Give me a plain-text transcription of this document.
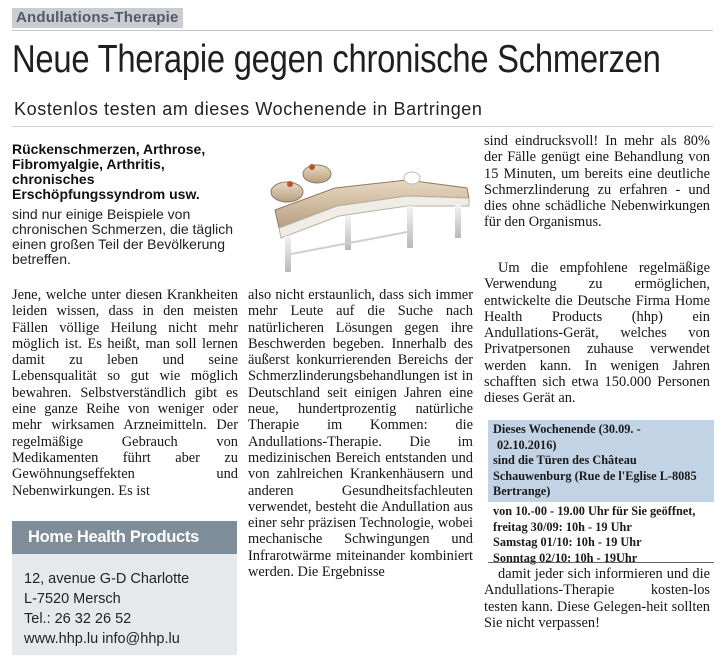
Andullations-Therapie
Neue Therapie gegen chronische Schmerzen
Kostenlos testen am dieses Wochenende in Bartringen
Rückenschmerzen, Arthrose, Fibromyalgie, Arthritis, chronisches Erschöpfungssyndrom usw.
sind nur einige Beispiele von chronischen Schmerzen, die täglich einen großen Teil der Bevölkerung betreffen.
Jene, welche unter diesen Krankheiten leiden wissen, dass in den meisten Fällen völlige Heilung nicht mehr möglich ist. Es heißt, man soll lernen damit zu leben und seine Lebensqualität so gut wie möglich bewahren. Selbstverständlich gibt es eine ganze Reihe von weniger oder mehr wirksamen Arzneimitteln. Der regelmäßige Gebrauch von Medikamenten führt aber zu Gewöhnungseffekten und Nebenwirkungen. Es ist
also nicht erstaunlich, dass sich immer mehr Leute auf die Suche nach natürlicheren Lösungen gegen ihre Beschwerden begeben. Innerhalb des äußerst konkurrierenden Bereichs der Schmerzlinderungsbehandlungen ist in Deutschland seit einigen Jahren eine neue, hundertprozentig natürliche Therapie im Kommen: die Andullations-Therapie. Die im medizinischen Bereich entstanden und von zahlreichen Krankenhäusern und anderen Gesundheitsfachleuten verwendet, besteht die Andullation aus einer sehr präzisen Technologie, wobei mechanische Schwingungen und Infrarotwärme miteinander kombiniert werden. Die Ergebnisse
sind eindrucksvoll! In mehr als 80% der Fälle genügt eine Behandlung von 15 Minuten, um bereits eine deutliche Schmerzlinderung zu erfahren - und dies ohne schädliche Nebenwirkungen für den Organismus.
Um die empfohlene regelmäßige Verwendung zu ermöglichen, entwickelte die Deutsche Firma Home Health Products (hhp) ein Andullations-Gerät, welches von Privatpersonen zuhause verwendet werden kann. In wenigen Jahren schafften sich etwa 150.000 Personen dieses Gerät an.
Home Health Products
12, avenue G-D Charlotte
L-7520 Mersch
Tel.: 26 32 26 52
www.hhp.lu info@hhp.lu
Dieses Wochenende (30.09. -
02.10.2016)
sind die Türen des Château Schauwenburg (Rue de l'Eglise L-8085 Bertrange)
von 10.-00 - 19.00 Uhr für Sie geöffnet,
freitag 30/09: 10h - 19 Uhr
Samstag 01/10: 10h - 19 Uhr
Sonntag 02/10: 10h - 19Uhr
damit jeder sich informieren und die Andullations-Therapie kosten-los testen kann. Diese Gelegen-heit sollten Sie nicht verpassen!
